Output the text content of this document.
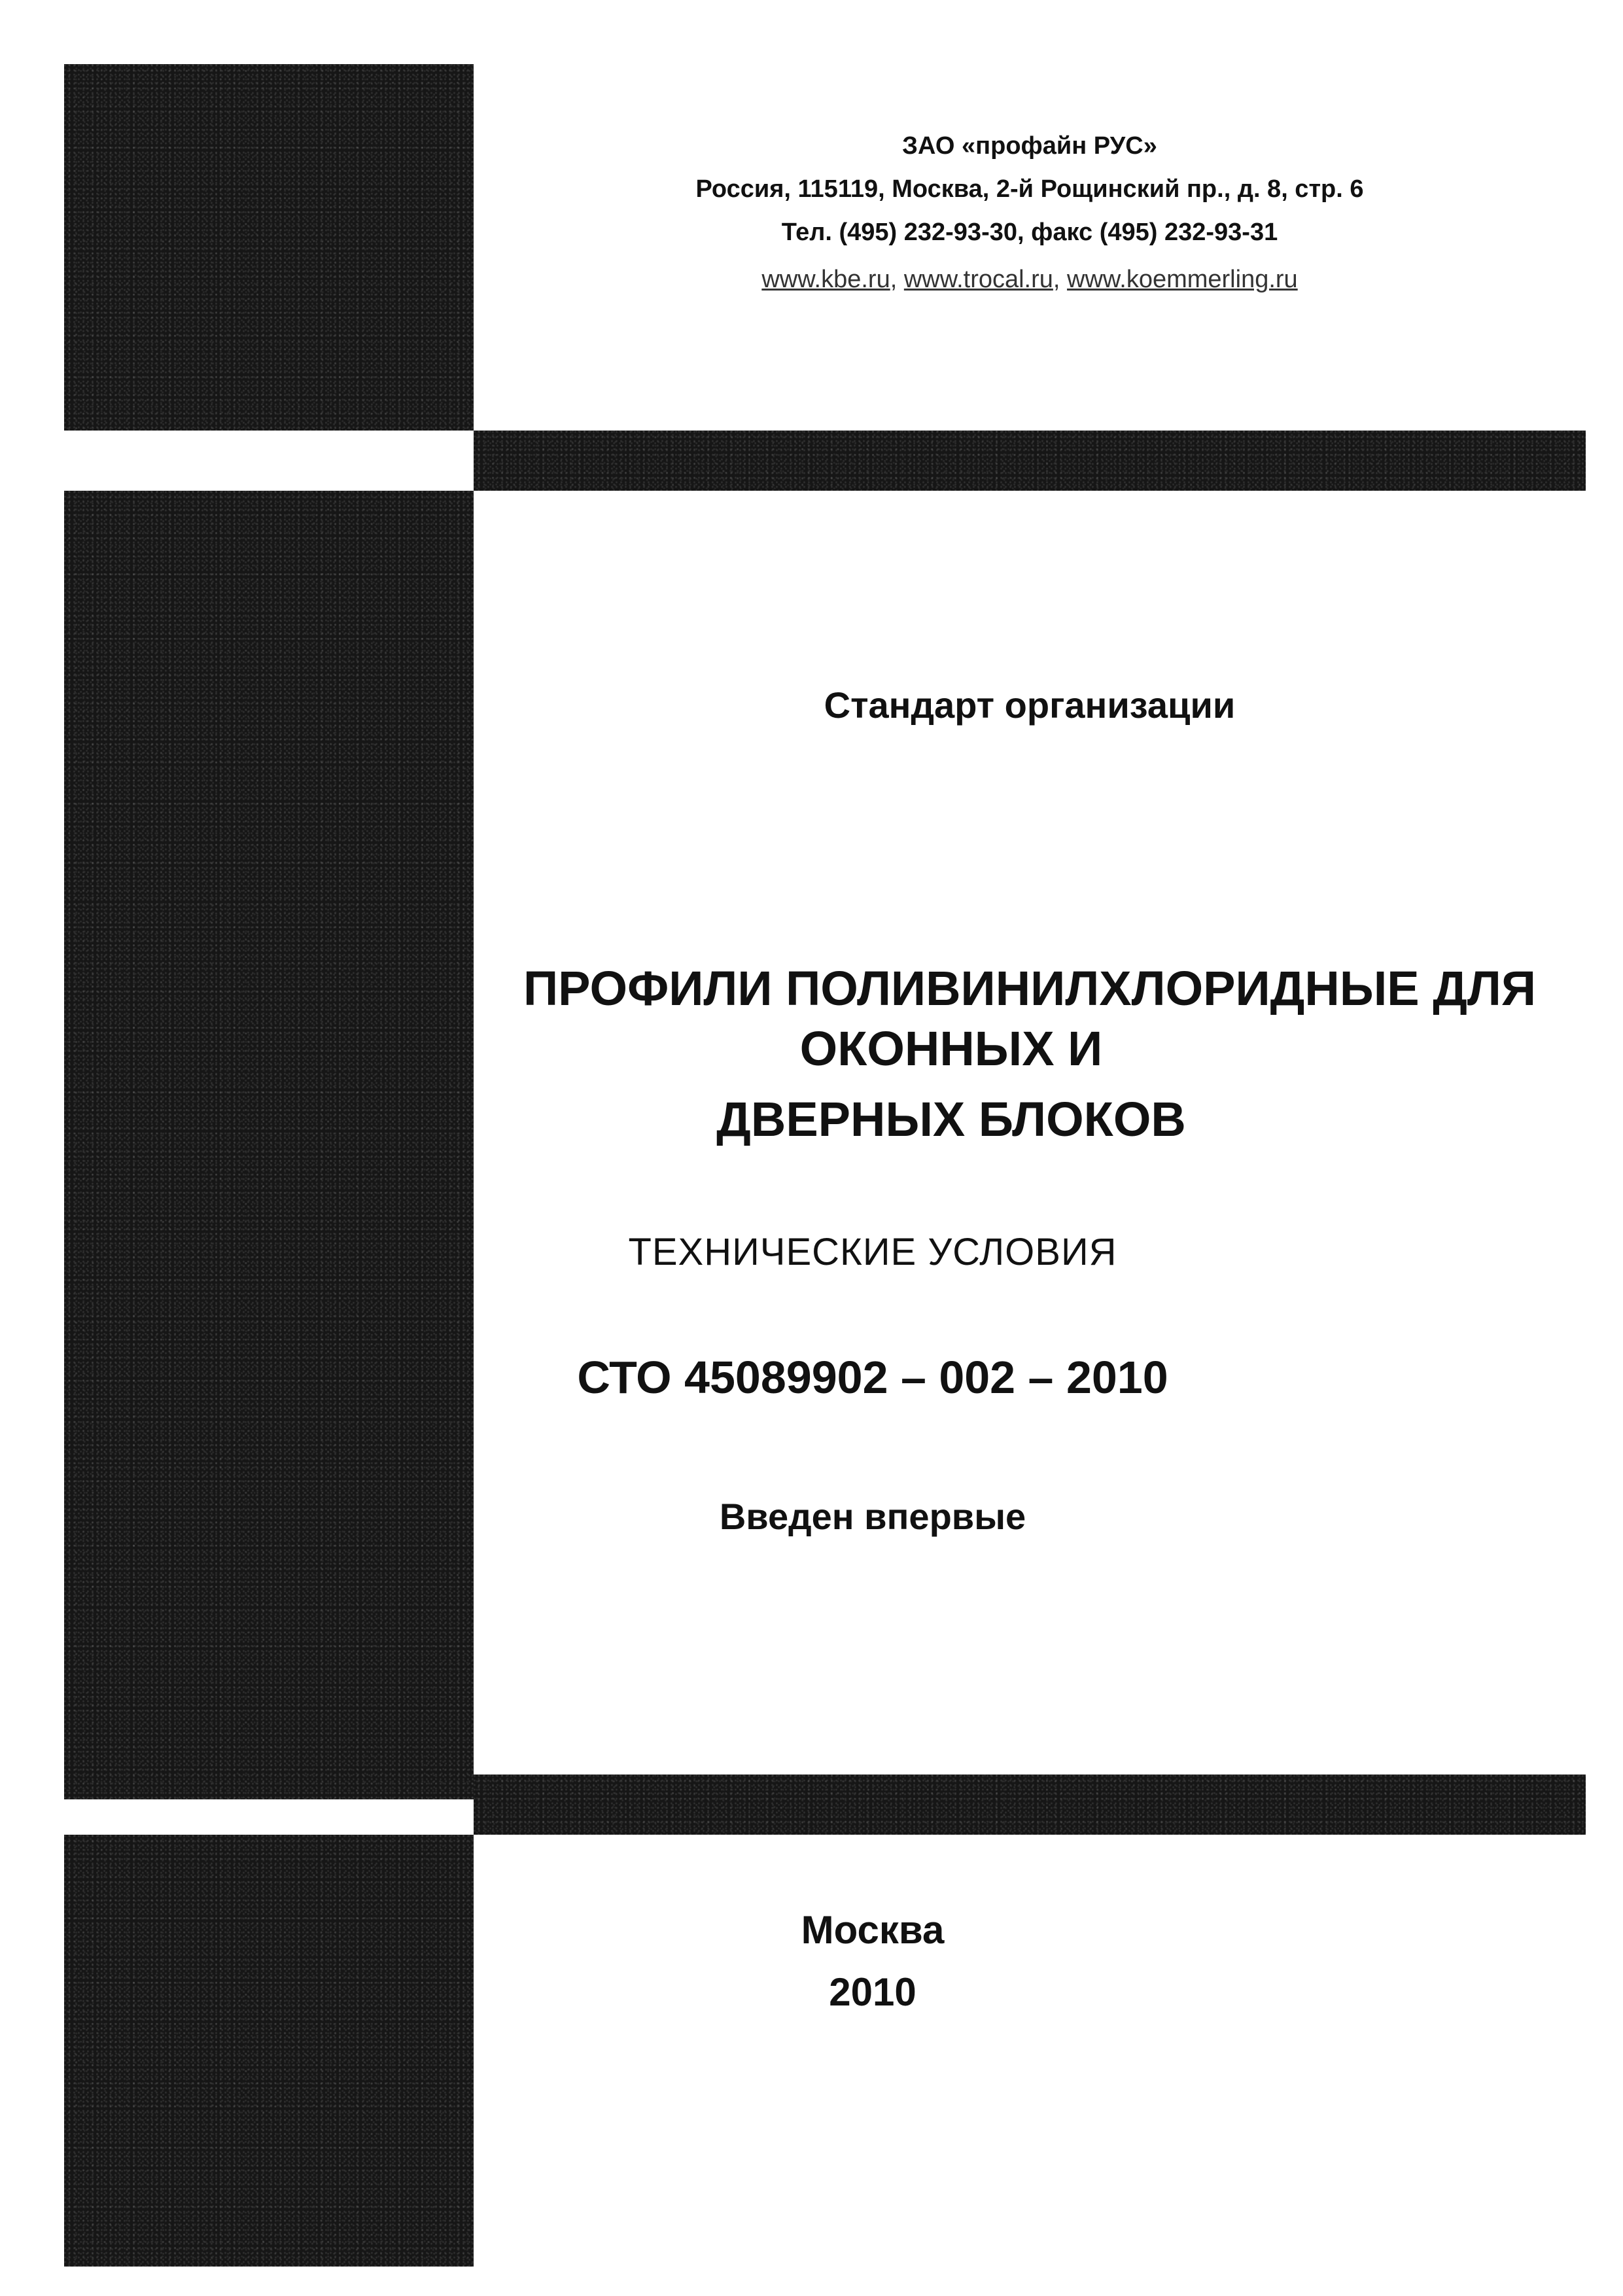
ЗАО «профайн РУС»
Россия, 115119, Москва, 2-й Рощинский пр., д. 8, стр. 6
Тел. (495) 232-93-30, факс (495) 232-93-31
www.kbe.ru, www.trocal.ru, www.koemmerling.ru
Стандарт организации
ПРОФИЛИ ПОЛИВИНИЛХЛОРИДНЫЕ ДЛЯ
ОКОННЫХ И
ДВЕРНЫХ БЛОКОВ
ТЕХНИЧЕСКИЕ УСЛОВИЯ
СТО 45089902 – 002 – 2010
Введен впервые
Москва
2010
